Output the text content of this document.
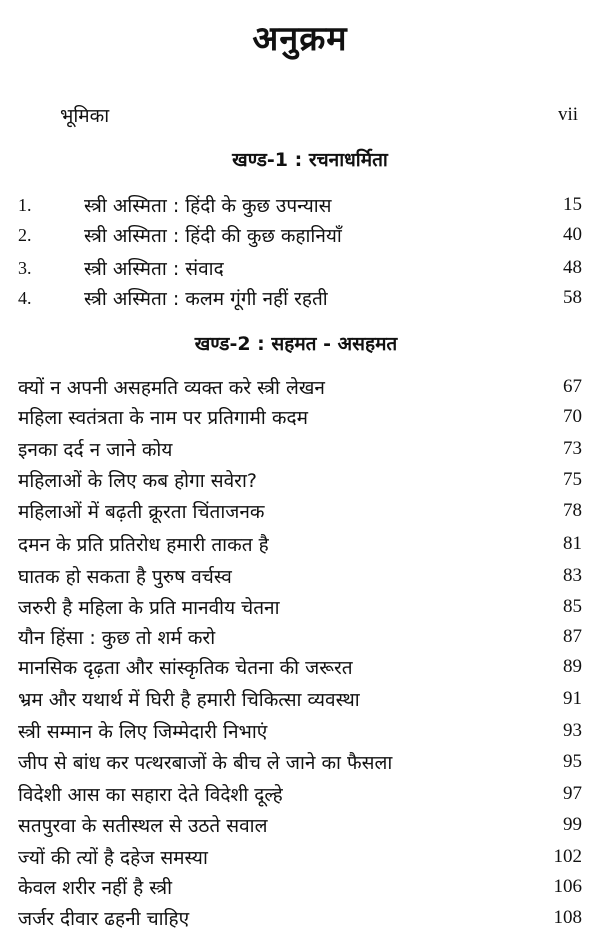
अनुक्रम
भूमिका	vii
खण्ड-1 : रचनाधर्मिता
1.	स्त्री अस्मिता : हिंदी के कुछ उपन्यास	15
2.	स्त्री अस्मिता : हिंदी की कुछ कहानियाँ	40
3.	स्त्री अस्मिता : संवाद	48
4.	स्त्री अस्मिता : कलम गूंगी नहीं रहती	58
खण्ड-2 : सहमत - असहमत
क्यों न अपनी असहमति व्यक्त करे स्त्री लेखन	67
महिला स्वतंत्रता के नाम पर प्रतिगामी कदम	70
इनका दर्द न जाने कोय	73
महिलाओं के लिए कब होगा सवेरा?	75
महिलाओं में बढ़ती क्रूरता चिंताजनक	78
दमन के प्रति प्रतिरोध हमारी ताकत है	81
घातक हो सकता है पुरुष वर्चस्व	83
जरुरी है महिला के प्रति मानवीय चेतना	85
यौन हिंसा : कुछ तो शर्म करो	87
मानसिक दृढ़ता और सांस्कृतिक चेतना की जरूरत	89
भ्रम और यथार्थ में घिरी है हमारी चिकित्सा व्यवस्था	91
स्त्री सम्मान के लिए जिम्मेदारी निभाएं	93
जीप से बांध कर पत्थरबाजों के बीच ले जाने का फैसला	95
विदेशी आस का सहारा देते विदेशी दूल्हे	97
सतपुरवा के सतीस्थल से उठते सवाल	99
ज्यों की त्यों है दहेज समस्या	102
केवल शरीर नहीं है स्त्री	106
जर्जर दीवार ढहनी चाहिए	108
